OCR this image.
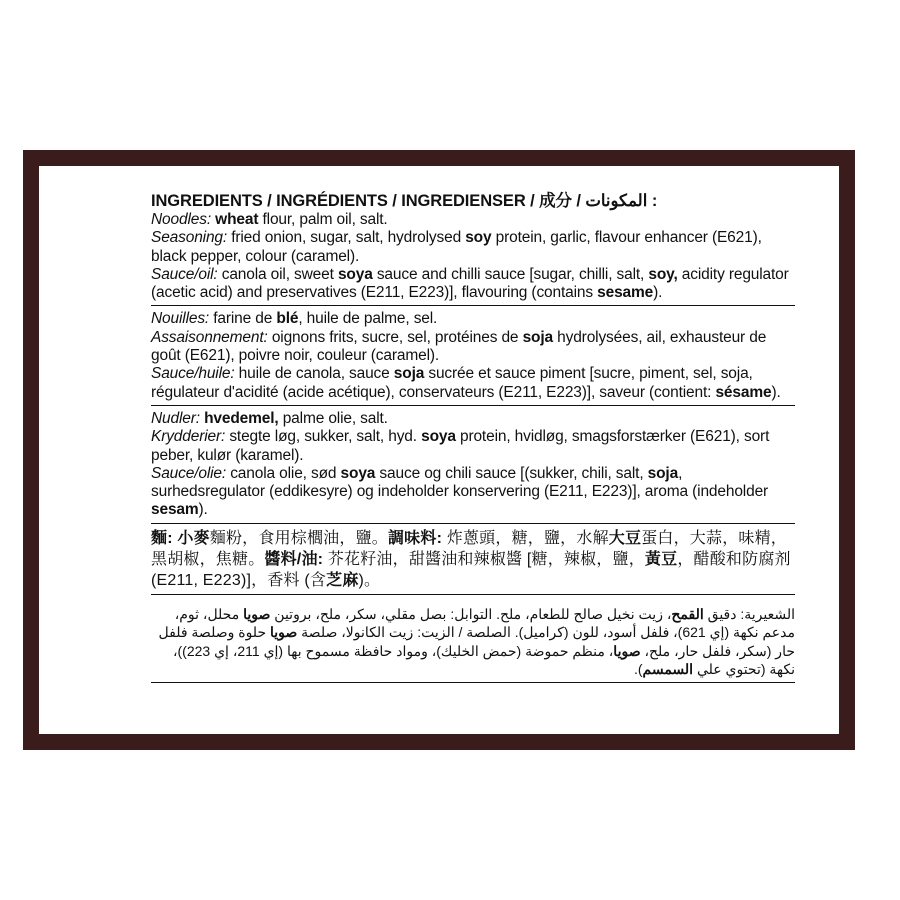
INGREDIENTS / INGRÉDIENTS / INGREDIENSER / 成分 / المكونات :

Noodles: wheat flour, palm oil, salt.

Seasoning: fried onion, sugar, salt, hydrolysed soy protein, garlic, flavour enhancer (E621), black pepper, colour (caramel).

Sauce/oil: canola oil, sweet soya sauce and chilli sauce [sugar, chilli, salt, soy, acidity regulator (acetic acid) and preservatives (E211, E223)], flavouring (contains sesame).

Nouilles: farine de blé, huile de palme, sel.

Assaisonnement: oignons frits, sucre, sel, protéines de soja hydrolysées, ail, exhausteur de goût (E621), poivre noir, couleur (caramel).

Sauce/huile: huile de canola, sauce soja sucrée et sauce piment [sucre, piment, sel, soja, régulateur d'acidité (acide acétique), conservateurs (E211, E223)], saveur (contient: sésame).

Nudler: hvedemel, palme olie, salt.

Krydderier: stegte løg, sukker, salt, hyd. soya protein, hvidløg, smagsforstærker (E621), sort peber, kulør (karamel).

Sauce/olie: canola olie, sød soya sauce og chili sauce [(sukker, chili, salt, soja, surhedsregulator (eddikesyre) og indeholder konservering (E211, E223)], aroma (indeholder sesam).

麵: 小麥麵粉，食用棕櫚油，鹽。調味料: 炸蔥頭，糖，鹽，水解大豆蛋白，大蒜，味精，黑胡椒，焦糖。醬料/油: 芥花籽油，甜醬油和辣椒醬 [糖，辣椒，鹽，黃豆，醋酸和防腐剂 (E211, E223)]，香料 (含芝麻)。

الشعيرية: دقيق القمح، زيت نخيل صالح للطعام، ملح. التوابل: بصل مقلي، سكر، ملح، بروتين صويا محلل، ثوم، مدعم نكهة (إي 621)، فلفل أسود، للون (كراميل). الصلصة / الزيت: زيت الكانولا، صلصة صويا حلوة وصلصة فلفل حار (سكر، فلفل حار، ملح، صويا، منظم حموضة (حمض الخليك)، ومواد حافظة مسموح بها (إي 211، إي 223))، نكهة (تحتوي علي السمسم).
